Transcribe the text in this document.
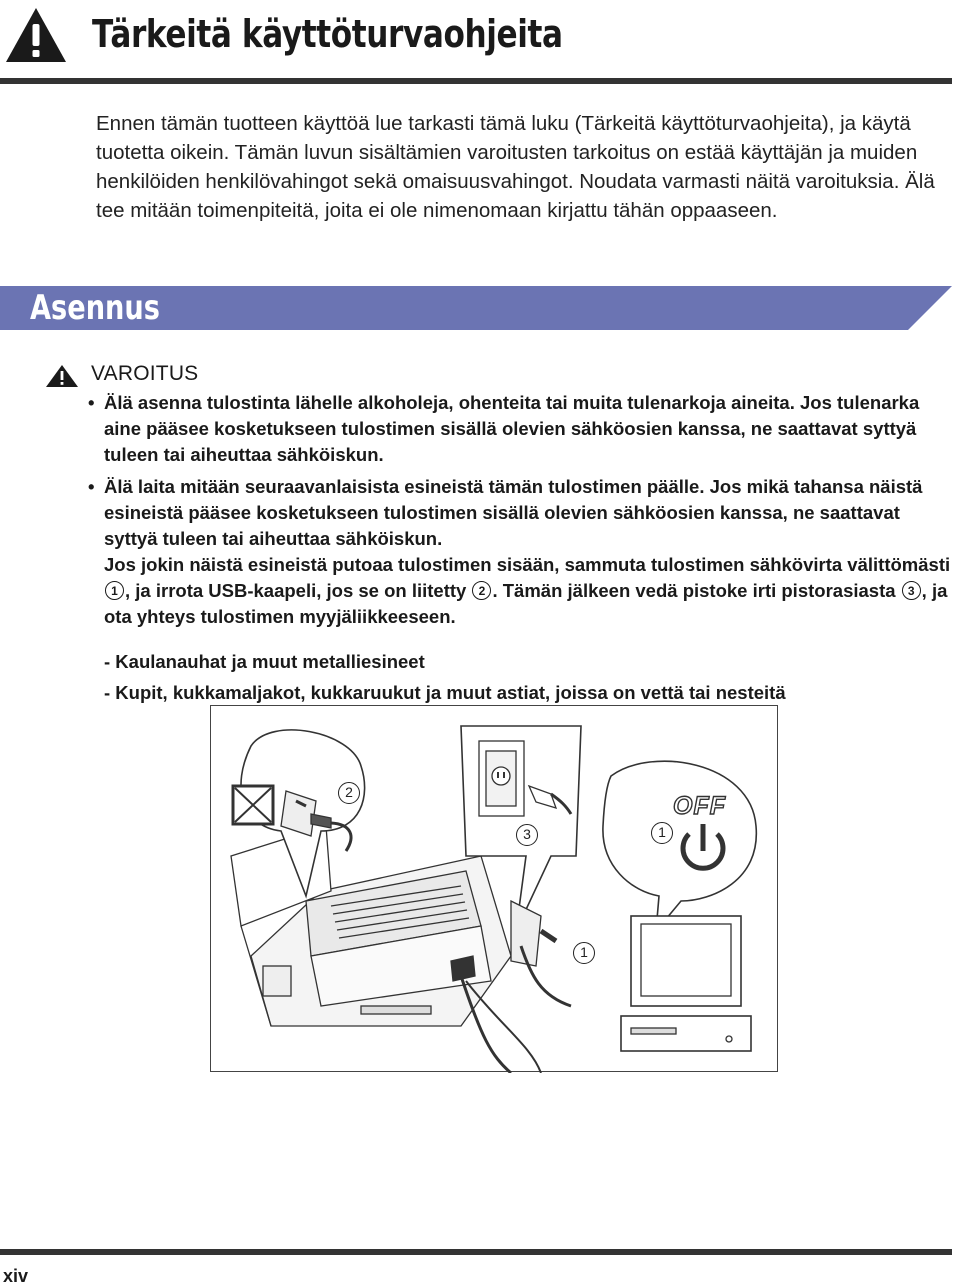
Tärkeitä käyttöturvaohjeita

Ennen tämän tuotteen käyttöä lue tarkasti tämä luku (Tärkeitä käyttöturvaohjeita), ja käytä tuotetta oikein. Tämän luvun sisältämien varoitusten tarkoitus on estää käyttäjän ja muiden henkilöiden henkilövahingot sekä omaisuusvahingot. Noudata varmasti näitä varoituksia. Älä tee mitään toimenpiteitä, joita ei ole nimenomaan kirjattu tähän oppaaseen.

Asennus
VAROITUS

• Älä asenna tulostinta lähelle alkoholeja, ohenteita tai muita tulenarkoja aineita. Jos tulenarka aine pääsee kosketukseen tulostimen sisällä olevien sähköosien kanssa, ne saattavat syttyä tuleen tai aiheuttaa sähköiskun.

• Älä laita mitään seuraavanlaisista esineistä tämän tulostimen päälle. Jos mikä tahansa näistä esineistä pääsee kosketukseen tulostimen sisällä olevien sähköosien kanssa, ne saattavat syttyä tuleen tai aiheuttaa sähköiskun.

Jos jokin näistä esineistä putoaa tulostimen sisään, sammuta tulostimen sähkövirta välittömästi 1 , ja irrota USB-kaapeli, jos se on liitetty 2 . Tämän jälkeen vedä pistoke irti pistorasiasta 3 , ja ota yhteys tulostimen myyjäliikkeeseen.

- Kaulanauhat ja muut metalliesineet

- Kupit, kukkamaljakot, kukkaruukut ja muut astiat, joissa on vettä tai nesteitä

2
3	1
1
OFF

xiv
